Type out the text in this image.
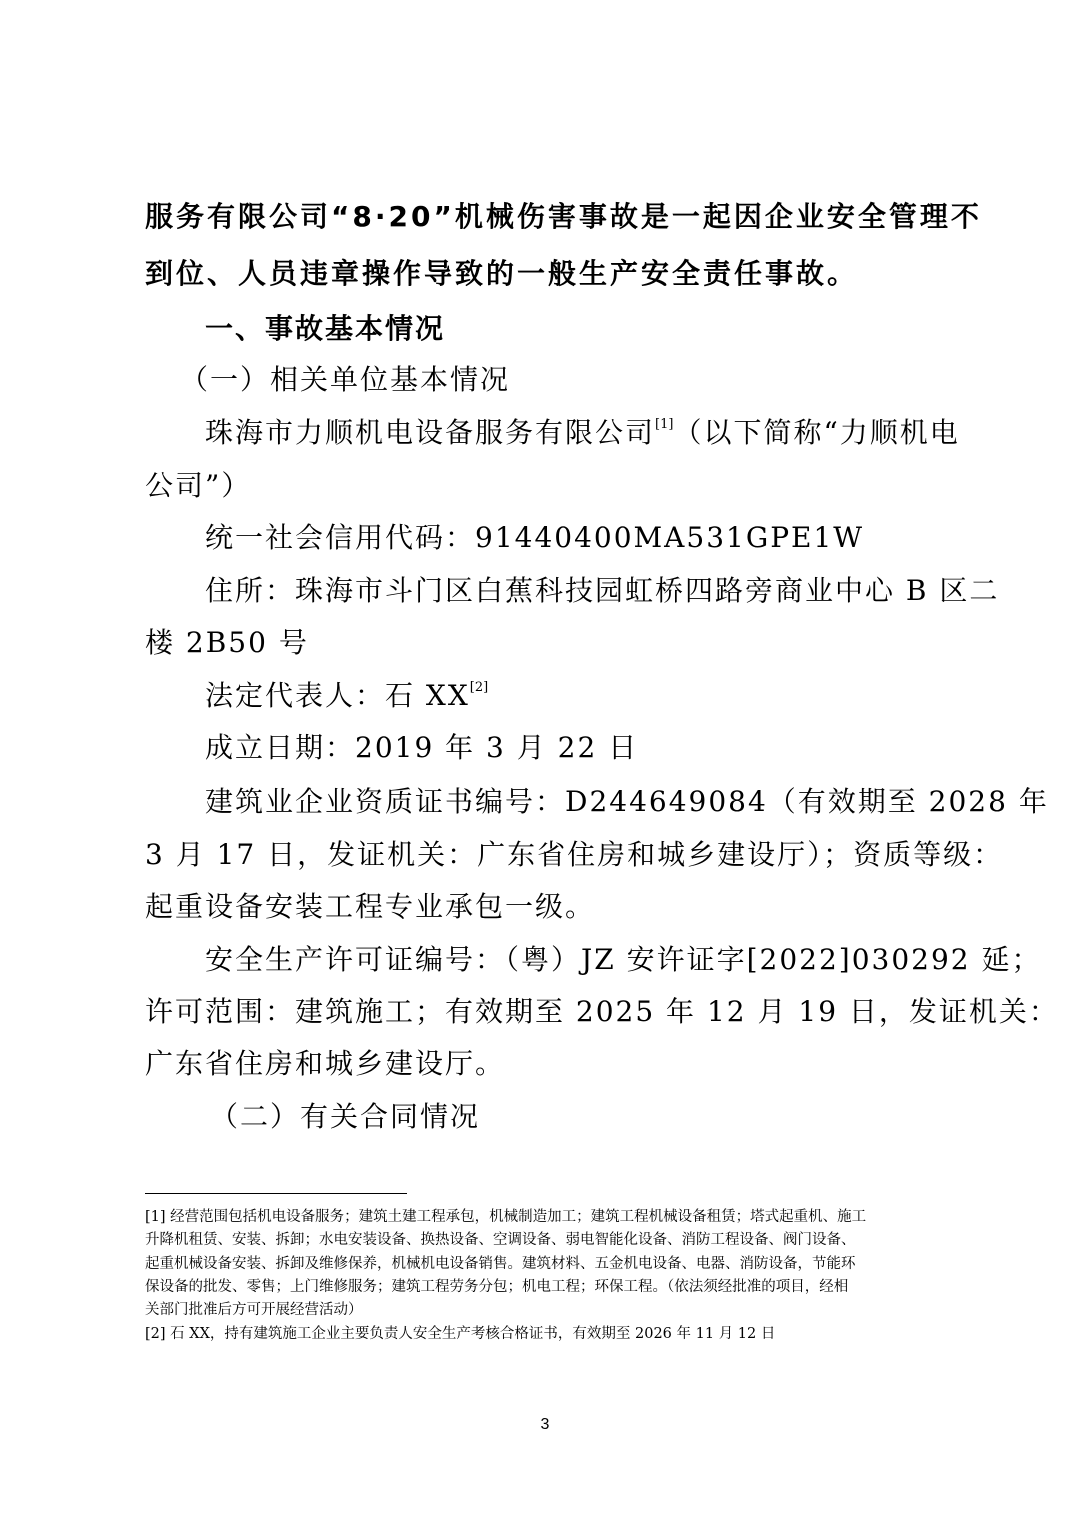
服务有限公司“8·20”机械伤害事故是一起因企业安全管理不
到位、人员违章操作导致的一般生产安全责任事故。
一、事故基本情况
（一）相关单位基本情况
珠海市力顺机电设备服务有限公司[1]（以下简称“力顺机电
公司”）
统一社会信用代码：91440400MA531GPE1W
住所：珠海市斗门区白蕉科技园虹桥四路旁商业中心 B 区二
楼 2B50 号
法定代表人：石 XX[2]
成立日期：2019 年 3 月 22 日
建筑业企业资质证书编号：D244649084（有效期至 2028 年
3 月 17 日，发证机关：广东省住房和城乡建设厅）；资质等级：
起重设备安装工程专业承包一级。
安全生产许可证编号：（粤）JZ 安许证字[2022]030292 延；
许可范围：建筑施工；有效期至 2025 年 12 月 19 日，发证机关：
广东省住房和城乡建设厅。
（二）有关合同情况
[1] 经营范围包括机电设备服务；建筑土建工程承包，机械制造加工；建筑工程机械设备租赁；塔式起重机、施工
升降机租赁、安装、拆卸；水电安装设备、换热设备、空调设备、弱电智能化设备、消防工程设备、阀门设备、
起重机械设备安装、拆卸及维修保养，机械机电设备销售。建筑材料、五金机电设备、电器、消防设备，节能环
保设备的批发、零售；上门维修服务；建筑工程劳务分包；机电工程；环保工程。（依法须经批准的项目，经相
关部门批准后方可开展经营活动）
[2] 石 XX，持有建筑施工企业主要负责人安全生产考核合格证书，有效期至 2026 年 11 月 12 日
3
